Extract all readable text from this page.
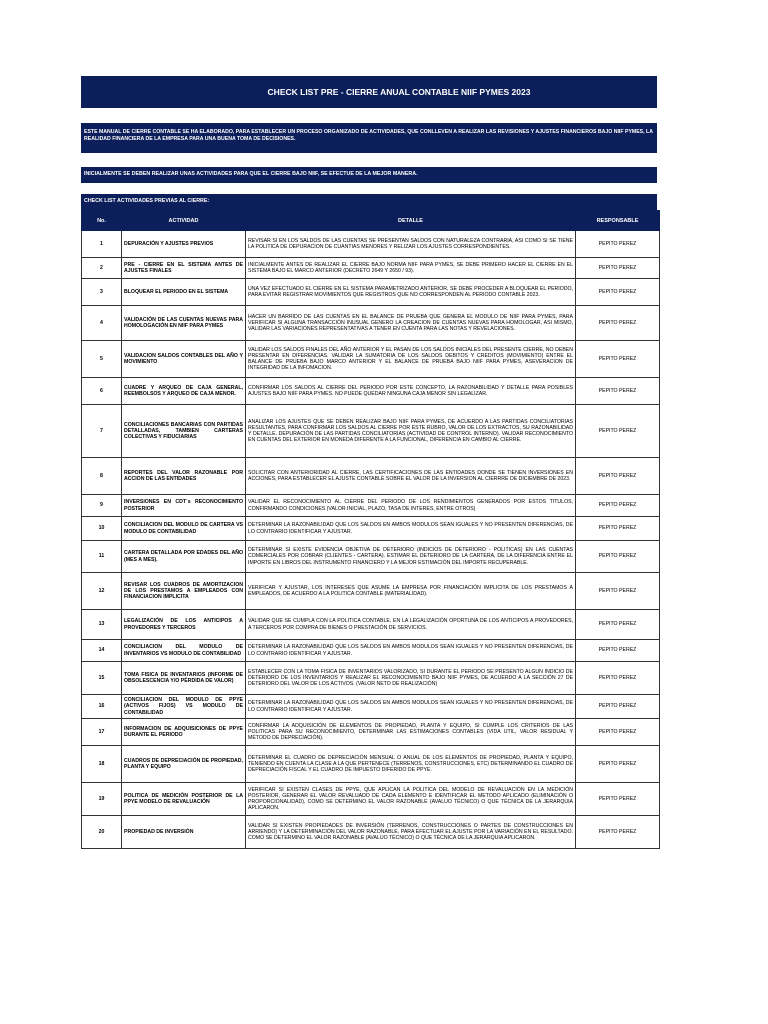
CHECK LIST PRE - CIERRE ANUAL CONTABLE NIIF PYMES 2023
ESTE MANUAL DE CIERRE CONTABLE SE HA ELABORADO, PARA ESTABLECER UN PROCESO ORGANIZADO DE ACTIVIDADES, QUE CONLLEVEN A REALIZAR LAS REVISIONES Y AJUSTES FINANCIEROS BAJO NIIF PYMES, LA REALIDAD FINANCIERA DE LA EMPRESA PARA UNA BUENA TOMA DE DECISIONES.
INICIALMENTE SE DEBEN REALIZAR UNAS ACTIVIDADES PARA QUE EL CIERRE BAJO NIIF, SE EFECTUE DE LA MEJOR MANERA.
CHECK LIST ACTIVIDADES PREVIAS AL CIERRE:
No.	ACTIVIDAD	DETALLE	RESPONSABLE
1	DEPURACIÓN Y AJUSTES PREVIOS	REVISAR SI EN LOS SALDOS DE LAS CUENTAS SE PRESENTAN SALDOS CON NATURALEZA CONTRARIA, ASI COMO SI SE TIENE LA POLITICA DE DEPURACION DE CUANTIAS MENORES Y RELIZAR LOS AJUSTES CORRESPONDIENTES.	PEPITO PEREZ
2	PRE - CIERRE EN EL SISTEMA ANTES DE AJUSTES FINALES	INICIALMENTE ANTES DE REALIZAR EL CIERRE BAJO NORMA NIIF PARA PYMES, SE DEBE PRIMERO HACER EL CIERRE EN EL SISTEMA BAJO EL MARCO ANTERIOR (DECRETO 2649 Y 2650 / 93).	PEPITO PEREZ
3	BLOQUEAR EL PERIODO EN EL SISTEMA	UNA VEZ EFECTUADO EL CIERRE EN EL SISTEMA PARAMETRIZADO ANTERIOR, SE DEBE PROCEDER A BLOQUEAR EL PERIODO, PARA EVITAR REGISTRAR MOVIMIENTOS QUE REGISTROS QUE NO CORRESPONDEN AL PERIODO CONTABLE 2023.	PEPITO PEREZ
4	VALIDACIÓN DE LAS CUENTAS NUEVAS PARA HOMOLOGACIÓN EN NIIF PARA PYMES	HACER UN BARRIDO DE LAS CUENTAS EN EL BALANCE DE PRUEBA QUE GENERA EL MODULO DE NIIF PARA PYMES, PARA VERIFICAR SI ALGUNA TRANSACCIÓN INUSUAL GENERO LA CREACION DE CUENTAS NUEVAS PARA HOMOLOGAR, ASI MISMO, VALIDAR LAS VARIACIONES REPRESENTATIVAS A TENER EN CUENTA PARA LAS NOTAS Y REVELACIONES.	PEPITO PEREZ
5	VALIDACION SALDOS CONTABLES DEL AÑO Y MOVIMIENTO	VALIDAR LOS SALDOS FINALES DEL AÑO ANTERIOR Y EL PASAN DE LOS SALDOS INICIALES DEL PRESENTE CIERRE, NO DEBEN PRESENTAR EN DIFERENCIAS. VALIDAR LA SUMATORIA DE LOS SALDOS DEBITOS Y CREDITOS (MOVIMIENTO) ENTRE EL BALANCE DE PRUEBA BAJO MARCO ANTERIOR Y EL BALANCE DE PRUEBA BAJO NIIF PARA PYMES, ASEVERACION DE INTEGRIDAD DE LA INFOMACION.	PEPITO PEREZ
6	CUADRE Y ARQUEO DE CAJA GENERAL, REEMBOLSOS Y ARQUEO DE CAJA MENOR.	CONFIRMAR LOS SALDOS AL CIERRE DEL PERIODO POR ESTE CONCEPTO, LA RAZONABILIDAD Y DETALLE PARA POSIBLES AJUSTES BAJO NIIF PARA PYMES. NO PUEDE QUEDAR NINGUNA CAJA MENOR SIN LEGALIZAR.	PEPITO PEREZ
7	CONCILIACIONES BANCARIAS CON PARTIDAS DETALLADAS, TAMBIEN CARTERAS COLECTIVAS Y FIDUCIARIAS	ANALIZAR LOS AJUSTES QUE SE DEBEN REALIZAR BAJO NIIF PARA PYMES, DE ACUERDO A LAS PARTIDAS CONCILIATORIAS RESULTANTES, PARA CONFIRMAR LOS SALDOS AL CIERRE POR ESTE RUBRO, VALOR DE LOS EXTRACTOS, SU RAZONABILIDAD Y DETALLE. DEPURACIÓN DE LAS PARTIDAS CONCILIATORIAS (ACTIVIDAD DE CONTROL INTERNO). VALIDAR RECONOCIMIENTO EN CUENTAS DEL EXTERIOR EN MONEDA DIFERENTE A LA FUNCIONAL, DIFERENCIA EN CAMBIO AL CIERRE.	PEPITO PEREZ
8	REPORTES DEL VALOR RAZONABLE POR ACCION DE LAS ENTIDADES	SOLICITAR CON ANTERIORIDAD AL CIERRE, LAS CERTIFICACIONES DE LAS ENTIDADES DONDE SE TIENEN INVERSIONES EN ACCIONES, PARA ESTABLECER EL AJUSTE CONTABLE SOBRE EL VALOR DE LA INVERSION AL CIERRRE DE DICIEMBRE DE 2023.	PEPITO PEREZ
9	INVERSIONES EN CDT´s RECONOCIMIENTO POSTERIOR	VALIDAR EL RECONOCIMIENTO AL CIERRE DEL PERIODO DE LOS RENDIMIENTOS GENERADOS POR ESTOS TITULOS, CONFIRMANDO CONDICIONES (VALOR INICIAL, PLAZO, TASA DE INTERES, ENTRE OTROS)	PEPITO PEREZ
10	CONCILIACION DEL MODULO DE CARTERA VS MODULO DE CONTABILIDAD	DETERMINAR LA RAZONABILIDAD QUE LOS SALDOS EN AMBOS MODULOS SEAN IGUALES Y NO PRESENTEN DIFERENCIAS, DE LO CONTRARIO IDENTIFICAR Y AJUSTAR.	PEPITO PEREZ
11	CARTERA DETALLADA POR EDADES DEL AÑO (MES A MES).	DETERMINAR SI EXISTE EVIDENCIA OBJETIVA DE DETERIORO (INDICIOS DE DETERIORO - POLITICAS) EN LAS CUENTAS COMERCIALES POR COBRAR (CLIENTES - CARTERA). ESTIMAR EL DETERIORO DE LA CARTERA, DE LA DIFERENCIA ENTRE EL IMPORTE EN LIBROS DEL INSTRUMENTO FINANCIERO Y LA MEJOR ESTIMACIÓN DEL IMPORTE RECUPERABLE.	PEPITO PEREZ
12	REVISAR LOS CUADROS DE AMORTIZACION DE LOS PRESTAMOS A EMPLEADOS CON FINANCIACION IMPLICITA	VERIFICAR Y AJUSTAR, LOS INTERESES QUE ASUME LA EMPRESA POR FINANCIACIÓN IMPLICITA DE LOS PRESTAMOS A EMPLEADOS, DE ACUERDO A LA POLITICA CONTABLE (MATERIALIDAD).	PEPITO PEREZ
13	LEGALIZACIÓN DE LOS ANTICIPOS A PROVEDORES Y TERCEROS	VALIDAR QUE SE CUMPLA CON LA POLITICA CONTABLE, EN LA LEGALIZACIÓN OPORTUNA DE LOS ANTICIPOS A PROVEDORES, A TERCEROS POR COMPRA DE BIENES O PRESTACIÓN DE SERVICIOS.	PEPITO PEREZ
14	CONCILIACION DEL MODULO DE INVENTARIOS VS MODULO DE CONTABILIDAD	DETERMINAR LA RAZONABILIDAD QUE LOS SALDOS EN AMBOS MODULOS SEAN IGUALES Y NO PRESENTEN DIFERENCIAS, DE LO CONTRARIO IDENTIFICAR Y AJUSTAR.	PEPITO PEREZ
15	TOMA FISICA DE INVENTARIOS (INFORME DE OBSOLESCENCIA Y/O PÉRDIDA DE VALOR)	ESTABLECER CON LA TOMA FISICA DE INVENTARIOS VALORIZADO, SI DURANTE EL PERIODO SE PRESENTO ALGUN INDICIO DE DETERIORO DE LOS INVENTARIOS Y REALIZAR EL RECONOCIMIENTO BAJO NIIF PYMES, DE ACUERDO A LA SECCIÓN 27 DE DETERIORO DEL VALOR DE LOS ACTIVOS. (VALOR NETO DE REALIZACIÓN)	PEPITO PEREZ
16	CONCILIACION DEL MODULO DE PPYE (ACTIVOS FIJOS) VS MODULO DE CONTABILIDAD	DETERMINAR LA RAZONABILIDAD QUE LOS SALDOS EN AMBOS MODULOS SEAN IGUALES Y NO PRESENTEN DIFERENCIAS, DE LO CONTRARIO IDENTIFICAR Y AJUSTAR.	PEPITO PEREZ
17	INFORMACION DE ADQUISICIONES DE PPYE DURANTE EL PERIODO	CONFIRMAR LA ADQUISICIÓN DE ELEMENTOS DE PROPIEDAD, PLANTA Y EQUIPO, SI CUMPLE LOS CRITERIOS DE LAS POLITICAS PARA SU RECONOCIMIENTO, DETERMINAR LAS ESTIMACIONES CONTABLES (VIDA UTIL, VALOR RESIDUAL Y METODO DE DEPRECIACIÓN).	PEPITO PEREZ
18	CUADROS DE DEPRECIACIÓN DE PROPIEDAD, PLANTA Y EQUIPO	DETERMINAR EL CUADRO DE DEPRECIACIÓN MENSUAL O ANUAL DE LOS ELEMENTOS DE PROPIEDAD, PLANTA Y EQUIPO, TENIENDO EN CUENTA LA CLASE A LA QUE PERTENECE (TERRENOS, CONSTRUCCIONES, ETC) DETERMINANDO EL CUADRO DE DEPRECIACIÓN FISCAL Y EL CUADRO DE IMPUESTO DIFERIDO DE PPYE.	PEPITO PEREZ
19	POLITICA DE MEDICIÓN POSTERIOR DE LA PPYE MODELO DE REVALUACIÓN	VERIFICAR SI EXISTEN CLASES DE PPYE, QUE APLICAN LA POLITICA DEL MODELO DE REVALUACIÓN EN LA MEDICIÓN POSTERIOR, GENERAR EL VALOR REVALUADO DE CADA ELEMENTO E IDENTIFICAR EL METODO APLICADO (ELIMINACIÓN O PROPORCIONALIDAD), COMO SE DETERMINO EL VALOR RAZONABLE (AVALUO TÉCNICO) O QUE TÉCNICA DE LA JERARQUIA APLICARON.	PEPITO PEREZ
20	PROPIEDAD DE INVERSIÓN	VALIDAR SI EXISTEN PROPIEDADES DE INVERSIÓN (TERRENOS, CONSTRUCCIONES O PARTES DE CONSTRUCCIONES EN ARRIENDO) Y LA DETERMINACIÓN DEL VALOR RAZONABLE, PARA EFECTUAR EL AJUSTE POR LA VARIACIÓN EN EL RESULTADO. COMO SE DETERMINO EL VALOR RAZONABLE (AVALUO TÉCNICO) O QUE TÉCNICA DE LA JERARQUIA APLICARON.	PEPITO PEREZ
